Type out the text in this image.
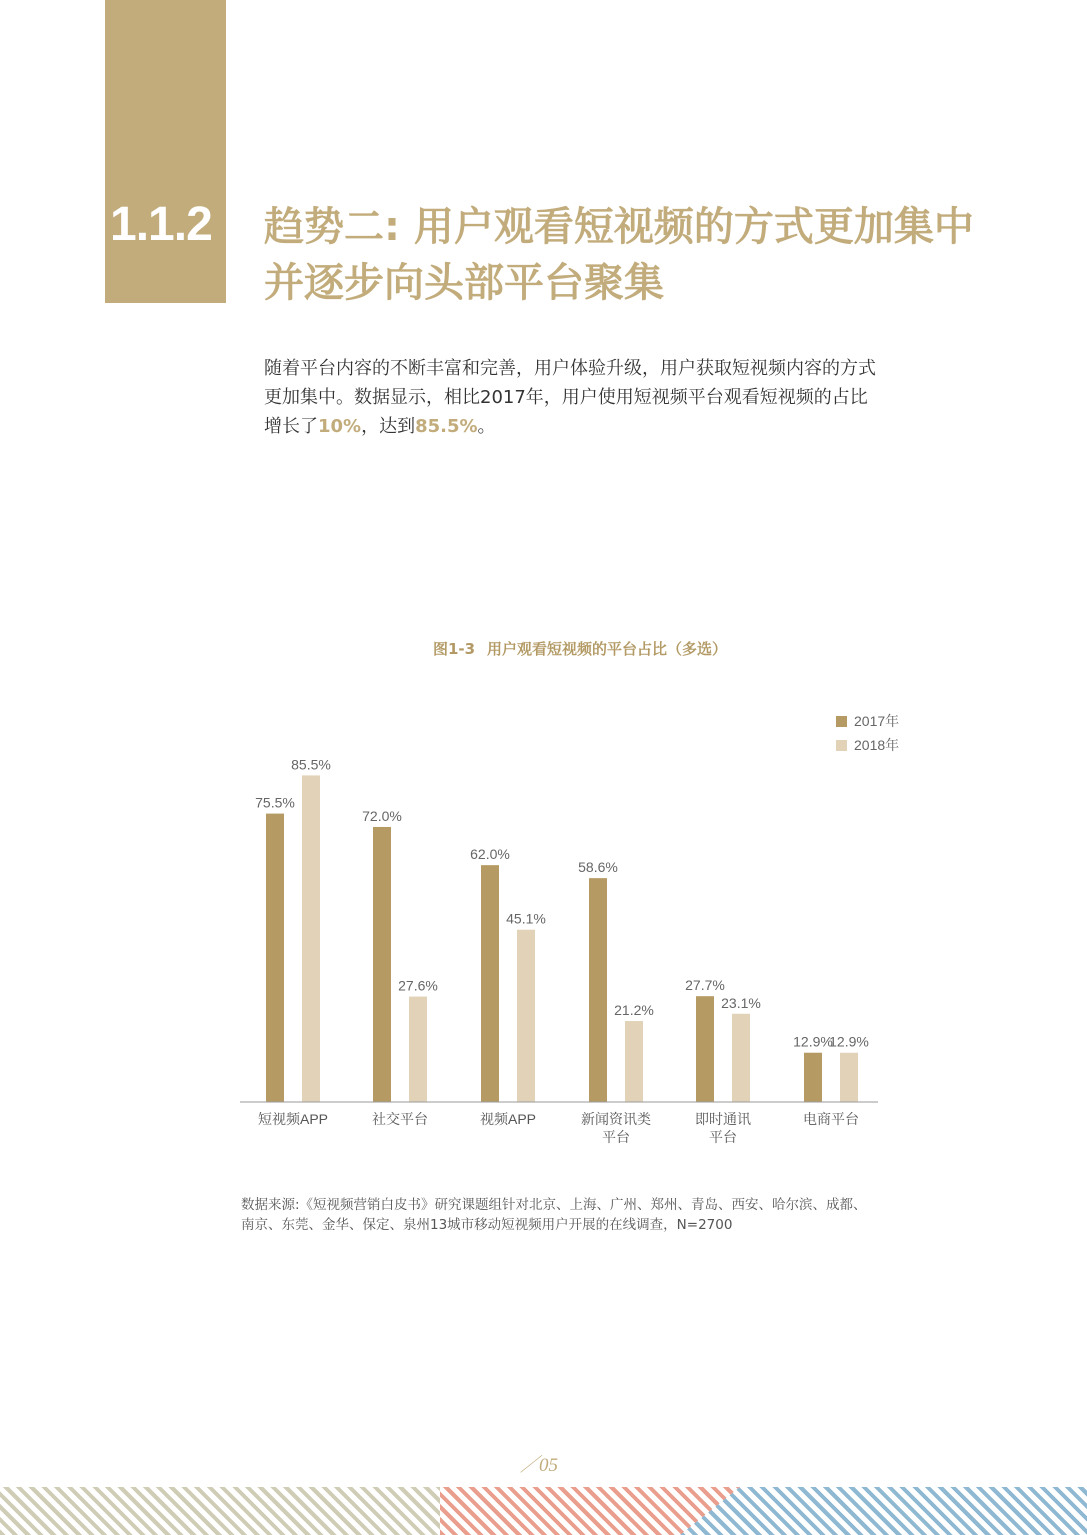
1.1.2 趋势二: 用户观看短视频的方式更加集中
并逐步向头部平台聚集
随着平台内容的不断丰富和完善，用户体验升级，用户获取短视频内容的方式
更加集中。数据显示，相比2017年，用户使用短视频平台观看短视频的占比
增长了10%，达到85.5%。
图1-3 用户观看短视频的平台占比（多选）
2017年
2018年
75.5%
72.0%
62.0%
58.6%
27.7%
12.9%
85.5%
27.6%
45.1%
21.2%	23.1%
12.9%
短视频APP	社交平台	视频APP	新闻资讯类
平台
即时通讯
平台
电商平台
数据来源:《短视频营销白皮书》研究课题组针对北京、上海、广州、郑州、青岛、西安、哈尔滨、成都、
南京、东莞、金华、保定、泉州13城市移动短视频用户开展的在线调查，N=2700
／05
